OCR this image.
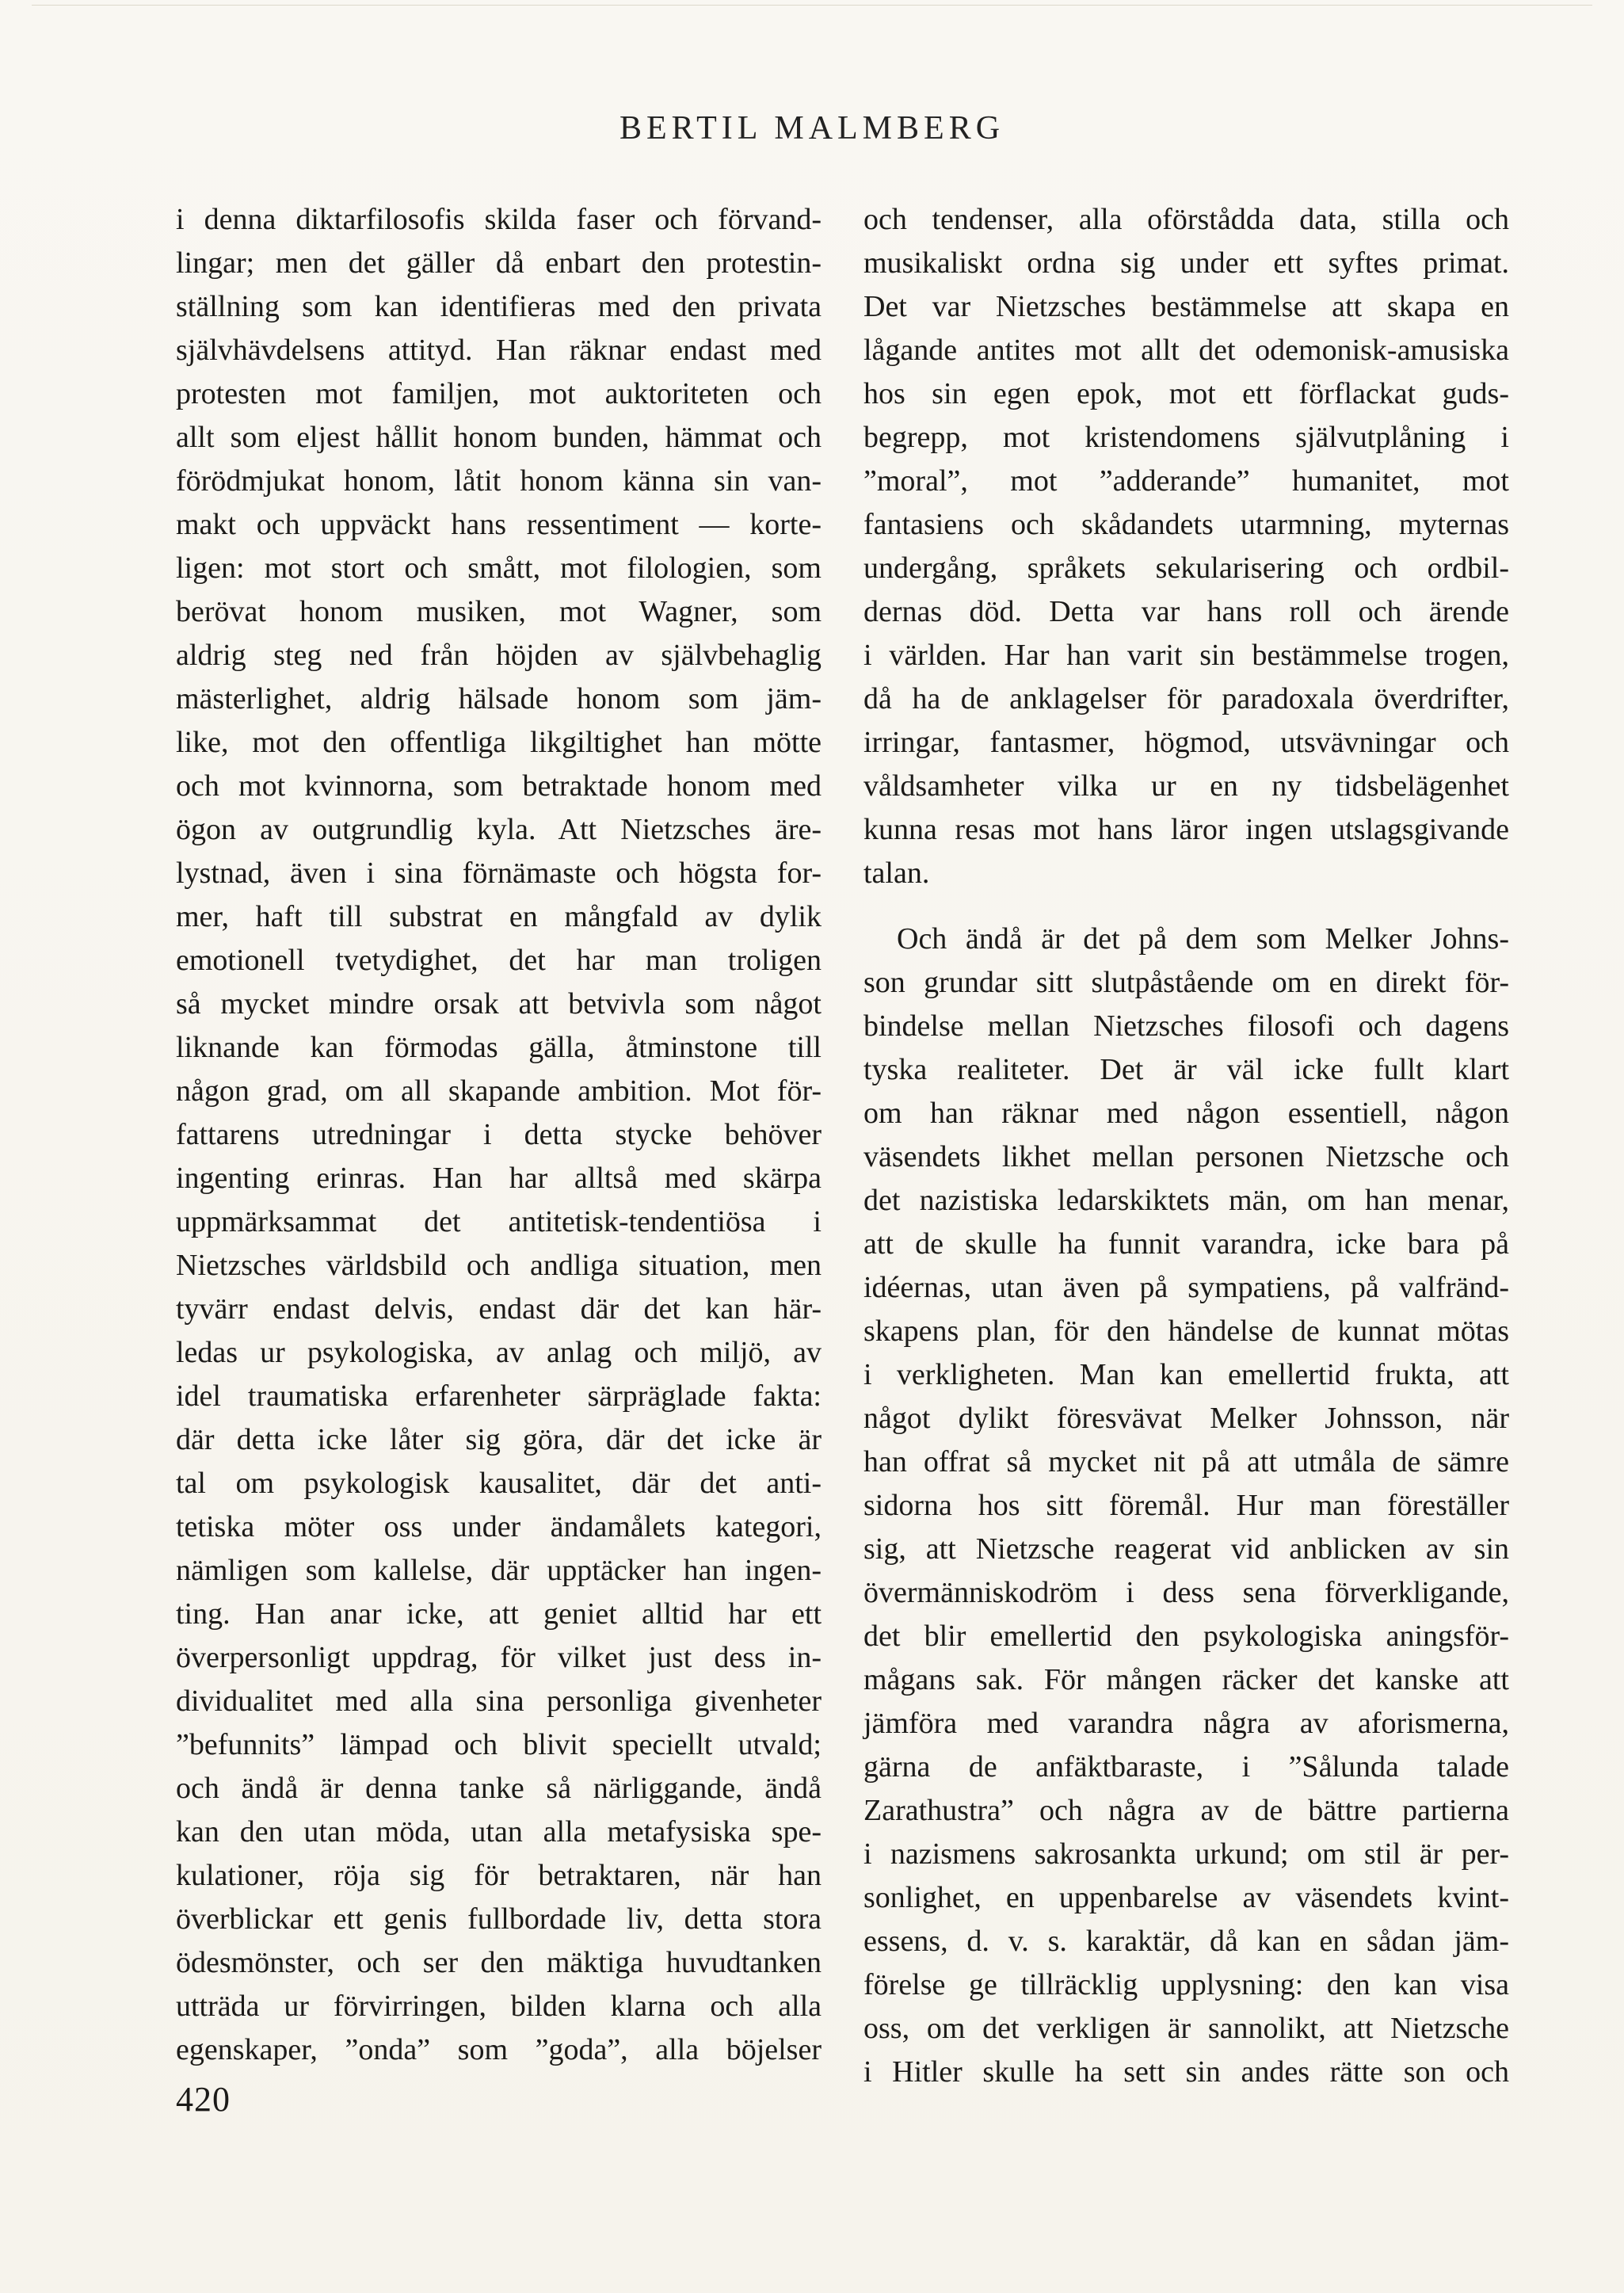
BERTIL MALMBERG
i denna diktarfilosofis skilda faser och förvand-
lingar; men det gäller då enbart den protestin-
ställning som kan identifieras med den privata
självhävdelsens attityd. Han räknar endast med
protesten mot familjen, mot auktoriteten och
allt som eljest hållit honom bunden, hämmat och
förödmjukat honom, låtit honom känna sin van-
makt och uppväckt hans ressentiment — korte-
ligen: mot stort och smått, mot filologien, som
berövat honom musiken, mot Wagner, som
aldrig steg ned från höjden av självbehaglig
mästerlighet, aldrig hälsade honom som jäm-
like, mot den offentliga likgiltighet han mötte
och mot kvinnorna, som betraktade honom med
ögon av outgrundlig kyla. Att Nietzsches äre-
lystnad, även i sina förnämaste och högsta for-
mer, haft till substrat en mångfald av dylik
emotionell tvetydighet, det har man troligen
så mycket mindre orsak att betvivla som något
liknande kan förmodas gälla, åtminstone till
någon grad, om all skapande ambition. Mot för-
fattarens utredningar i detta stycke behöver
ingenting erinras. Han har alltså med skärpa
uppmärksammat det antitetisk-tendentiösa i
Nietzsches världsbild och andliga situation, men
tyvärr endast delvis, endast där det kan här-
ledas ur psykologiska, av anlag och miljö, av
idel traumatiska erfarenheter särpräglade fakta:
där detta icke låter sig göra, där det icke är
tal om psykologisk kausalitet, där det anti-
tetiska möter oss under ändamålets kategori,
nämligen som kallelse, där upptäcker han ingen-
ting. Han anar icke, att geniet alltid har ett
överpersonligt uppdrag, för vilket just dess in-
dividualitet med alla sina personliga givenheter
”befunnits” lämpad och blivit speciellt utvald;
och ändå är denna tanke så närliggande, ändå
kan den utan möda, utan alla metafysiska spe-
kulationer, röja sig för betraktaren, när han
överblickar ett genis fullbordade liv, detta stora
ödesmönster, och ser den mäktiga huvudtanken
utträda ur förvirringen, bilden klarna och alla
egenskaper, ”onda” som ”goda”, alla böjelser
och tendenser, alla oförstådda data, stilla och
musikaliskt ordna sig under ett syftes primat.
Det var Nietzsches bestämmelse att skapa en
lågande antites mot allt det odemonisk-amusiska
hos sin egen epok, mot ett förflackat guds-
begrepp, mot kristendomens självutplåning i
”moral”, mot ”adderande” humanitet, mot
fantasiens och skådandets utarmning, myternas
undergång, språkets sekularisering och ordbil-
dernas död. Detta var hans roll och ärende
i världen. Har han varit sin bestämmelse trogen,
då ha de anklagelser för paradoxala överdrifter,
irringar, fantasmer, högmod, utsvävningar och
våldsamheter vilka ur en ny tidsbelägenhet
kunna resas mot hans läror ingen utslagsgivande
talan.
Och ändå är det på dem som Melker Johns-
son grundar sitt slutpåstående om en direkt för-
bindelse mellan Nietzsches filosofi och dagens
tyska realiteter. Det är väl icke fullt klart
om han räknar med någon essentiell, någon
väsendets likhet mellan personen Nietzsche och
det nazistiska ledarskiktets män, om han menar,
att de skulle ha funnit varandra, icke bara på
idéernas, utan även på sympatiens, på valfränd-
skapens plan, för den händelse de kunnat mötas
i verkligheten. Man kan emellertid frukta, att
något dylikt föresvävat Melker Johnsson, när
han offrat så mycket nit på att utmåla de sämre
sidorna hos sitt föremål. Hur man föreställer
sig, att Nietzsche reagerat vid anblicken av sin
övermänniskodröm i dess sena förverkligande,
det blir emellertid den psykologiska aningsför-
mågans sak. För mången räcker det kanske att
jämföra med varandra några av aforismerna,
gärna de anfäktbaraste, i ”Sålunda talade
Zarathustra” och några av de bättre partierna
i nazismens sakrosankta urkund; om stil är per-
sonlighet, en uppenbarelse av väsendets kvint-
essens, d. v. s. karaktär, då kan en sådan jäm-
förelse ge tillräcklig upplysning: den kan visa
oss, om det verkligen är sannolikt, att Nietzsche
i Hitler skulle ha sett sin andes rätte son och
420
